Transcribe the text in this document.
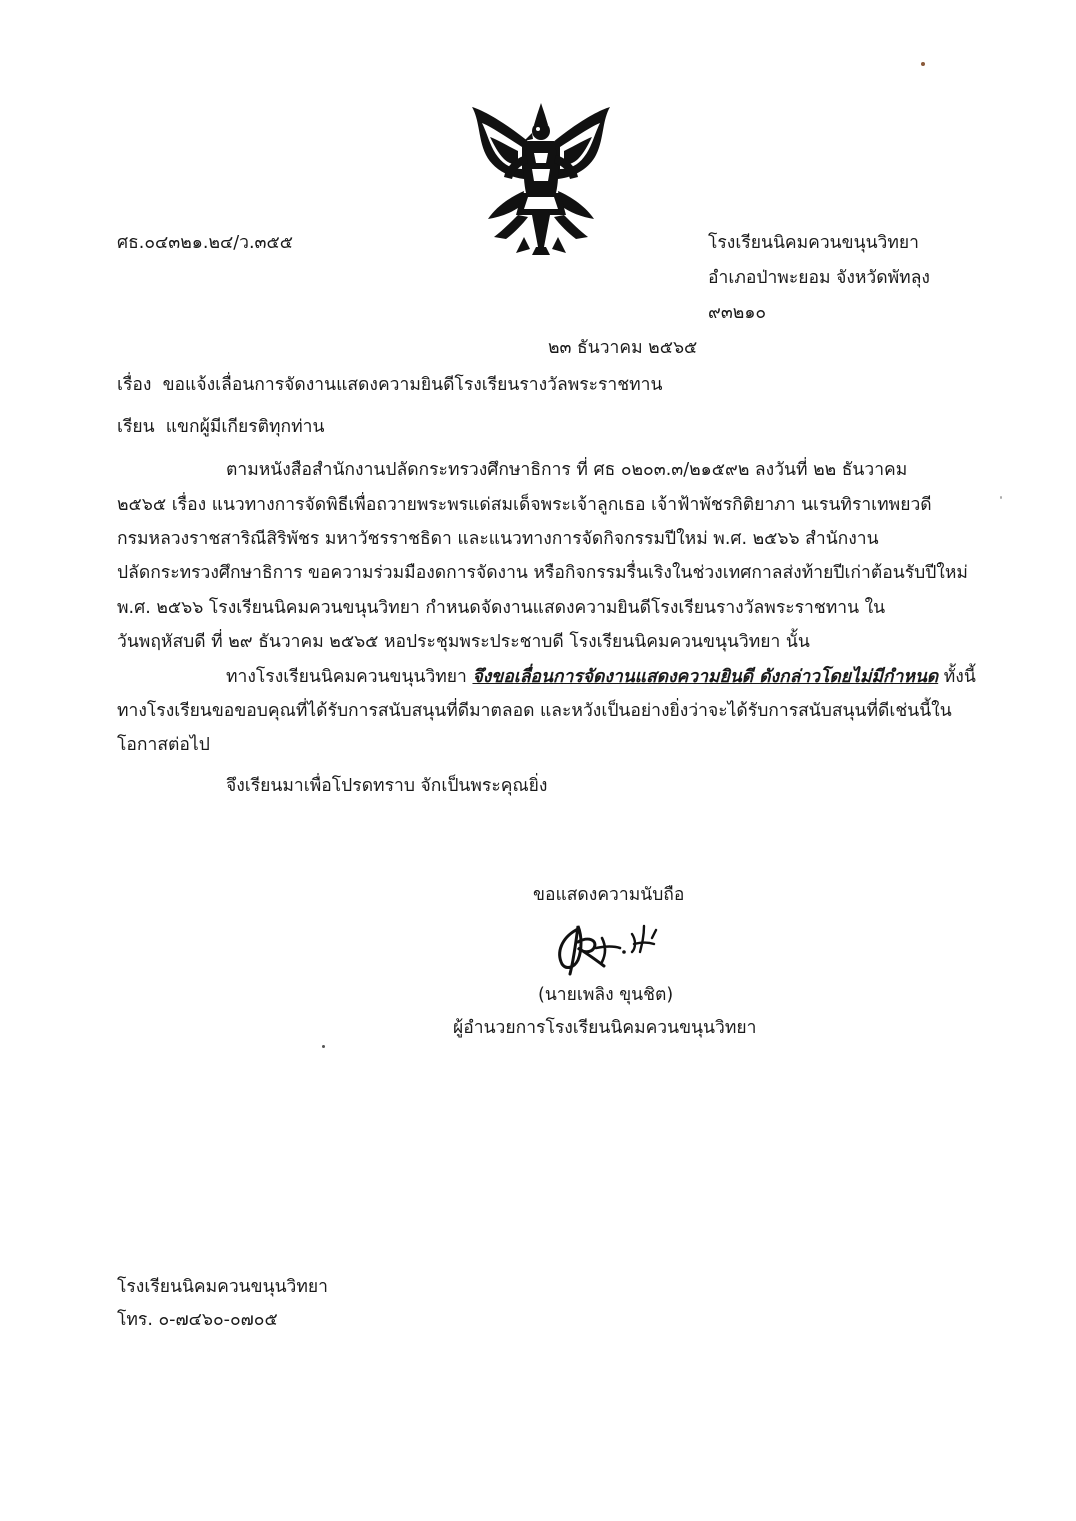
ศธ.๐๔๓๒๑.๒๔/ว.๓๕๕	โรงเรียนนิคมควนขนุนวิทยา
อำเภอป่าพะยอม จังหวัดพัทลุง
๙๓๒๑๐
๒๓ ธันวาคม ๒๕๖๕
เรื่อง ขอแจ้งเลื่อนการจัดงานแสดงความยินดีโรงเรียนรางวัลพระราชทาน
เรียน แขกผู้มีเกียรติทุกท่าน
ตามหนังสือสำนักงานปลัดกระทรวงศึกษาธิการ ที่ ศธ ๐๒๐๓.๓/๒๑๕๙๒ ลงวันที่ ๒๒ ธันวาคม
๒๕๖๕ เรื่อง แนวทางการจัดพิธีเพื่อถวายพระพรแด่สมเด็จพระเจ้าลูกเธอ เจ้าฟ้าพัชรกิติยาภา นเรนทิราเทพยวดี
กรมหลวงราชสาริณีสิริพัชร มหาวัชรราชธิดา และแนวทางการจัดกิจกรรมปีใหม่ พ.ศ. ๒๕๖๖ สำนักงาน
ปลัดกระทรวงศึกษาธิการ ขอความร่วมมืองดการจัดงาน หรือกิจกรรมรื่นเริงในช่วงเทศกาลส่งท้ายปีเก่าต้อนรับปีใหม่
พ.ศ. ๒๕๖๖ โรงเรียนนิคมควนขนุนวิทยา กำหนดจัดงานแสดงความยินดีโรงเรียนรางวัลพระราชทาน ใน
วันพฤหัสบดี ที่ ๒๙ ธันวาคม ๒๕๖๕ หอประชุมพระประชาบดี โรงเรียนนิคมควนขนุนวิทยา นั้น
ทางโรงเรียนนิคมควนขนุนวิทยา จึงขอเลื่อนการจัดงานแสดงความยินดี ดังกล่าวโดยไม่มีกำหนด ทั้งนี้
ทางโรงเรียนขอขอบคุณที่ได้รับการสนับสนุนที่ดีมาตลอด และหวังเป็นอย่างยิ่งว่าจะได้รับการสนับสนุนที่ดีเช่นนี้ใน
โอกาสต่อไป
จึงเรียนมาเพื่อโปรดทราบ จักเป็นพระคุณยิ่ง
ขอแสดงความนับถือ
(นายเพลิง ขุนชิต)
ผู้อำนวยการโรงเรียนนิคมควนขนุนวิทยา
โรงเรียนนิคมควนขนุนวิทยา
โทร. ๐-๗๔๖๐-๐๗๐๕
